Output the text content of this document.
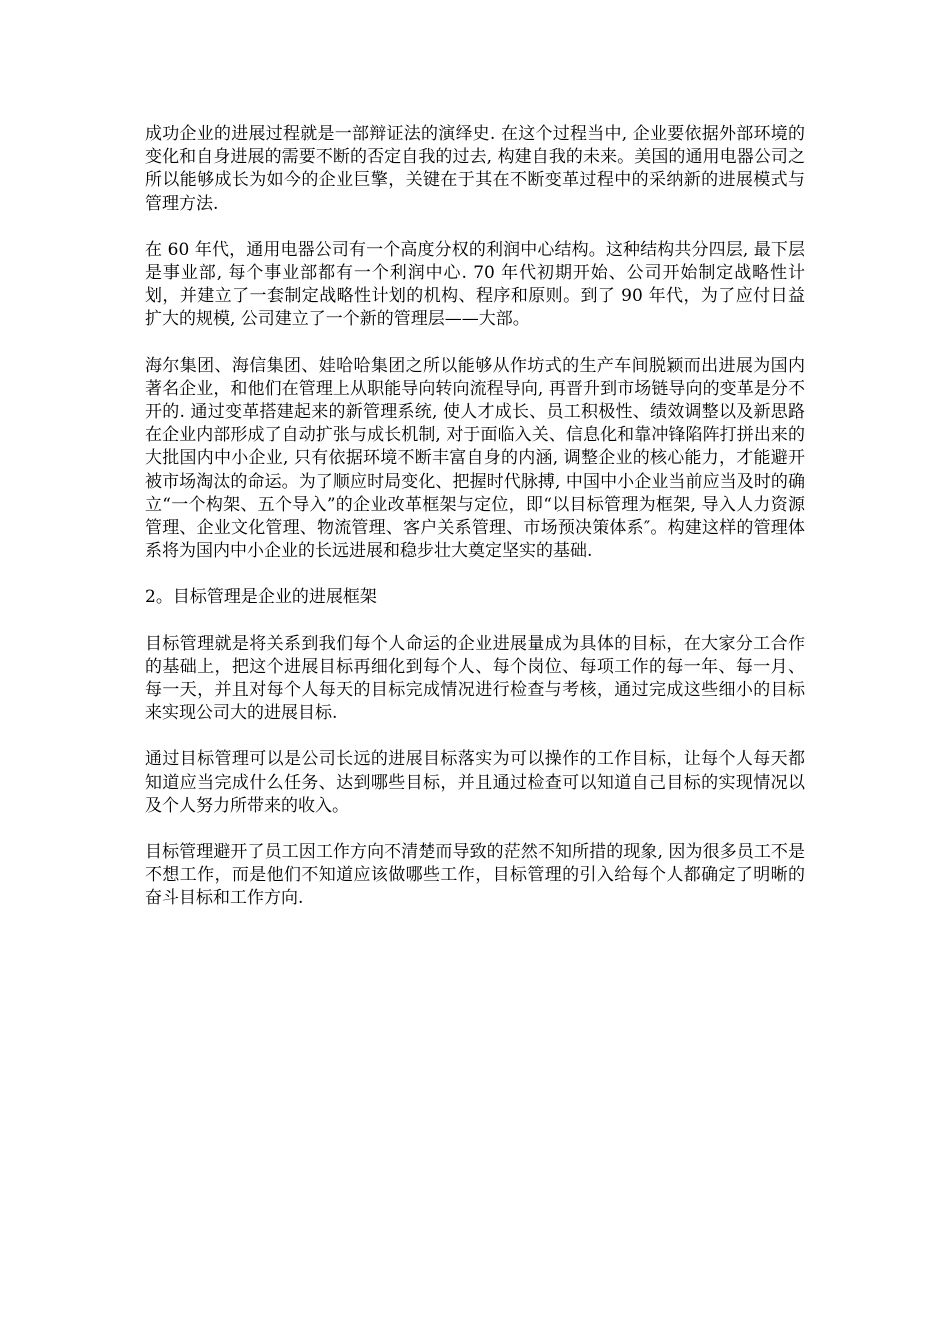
成功企业的进展过程就是一部辩证法的演绎史. 在这个过程当中, 企业要依据外部环境的变化和自身进展的需要不断的否定自我的过去, 构建自我的未来。美国的通用电器公司之所以能够成长为如今的企业巨擎，关键在于其在不断变革过程中的采纳新的进展模式与管理方法.

在 60 年代，通用电器公司有一个高度分权的利润中心结构。这种结构共分四层, 最下层是事业部, 每个事业部都有一个利润中心. 70 年代初期开始、公司开始制定战略性计划，并建立了一套制定战略性计划的机构、程序和原则。到了 90 年代，为了应付日益扩大的规模, 公司建立了一个新的管理层——大部。

海尔集团、海信集团、娃哈哈集团之所以能够从作坊式的生产车间脱颖而出进展为国内著名企业，和他们在管理上从职能导向转向流程导向, 再晋升到市场链导向的变革是分不开的. 通过变革搭建起来的新管理系统, 使人才成长、员工积极性、绩效调整以及新思路在企业内部形成了自动扩张与成长机制, 对于面临入关、信息化和靠冲锋陷阵打拼出来的大批国内中小企业, 只有依据环境不断丰富自身的内涵, 调整企业的核心能力，才能避开被市场淘汰的命运。为了顺应时局变化、把握时代脉搏, 中国中小企业当前应当及时的确立“一个构架、五个导入”的企业改革框架与定位，即“以目标管理为框架, 导入人力资源管理、企业文化管理、物流管理、客户关系管理、市场预决策体系″。构建这样的管理体系将为国内中小企业的长远进展和稳步壮大奠定坚实的基础.

2。目标管理是企业的进展框架

目标管理就是将关系到我们每个人命运的企业进展量成为具体的目标，在大家分工合作的基础上，把这个进展目标再细化到每个人、每个岗位、每项工作的每一年、每一月、每一天，并且对每个人每天的目标完成情况进行检查与考核，通过完成这些细小的目标来实现公司大的进展目标.

通过目标管理可以是公司长远的进展目标落实为可以操作的工作目标，让每个人每天都知道应当完成什么任务、达到哪些目标，并且通过检查可以知道自己目标的实现情况以及个人努力所带来的收入。

目标管理避开了员工因工作方向不清楚而导致的茫然不知所措的现象, 因为很多员工不是不想工作，而是他们不知道应该做哪些工作，目标管理的引入给每个人都确定了明晰的奋斗目标和工作方向.
